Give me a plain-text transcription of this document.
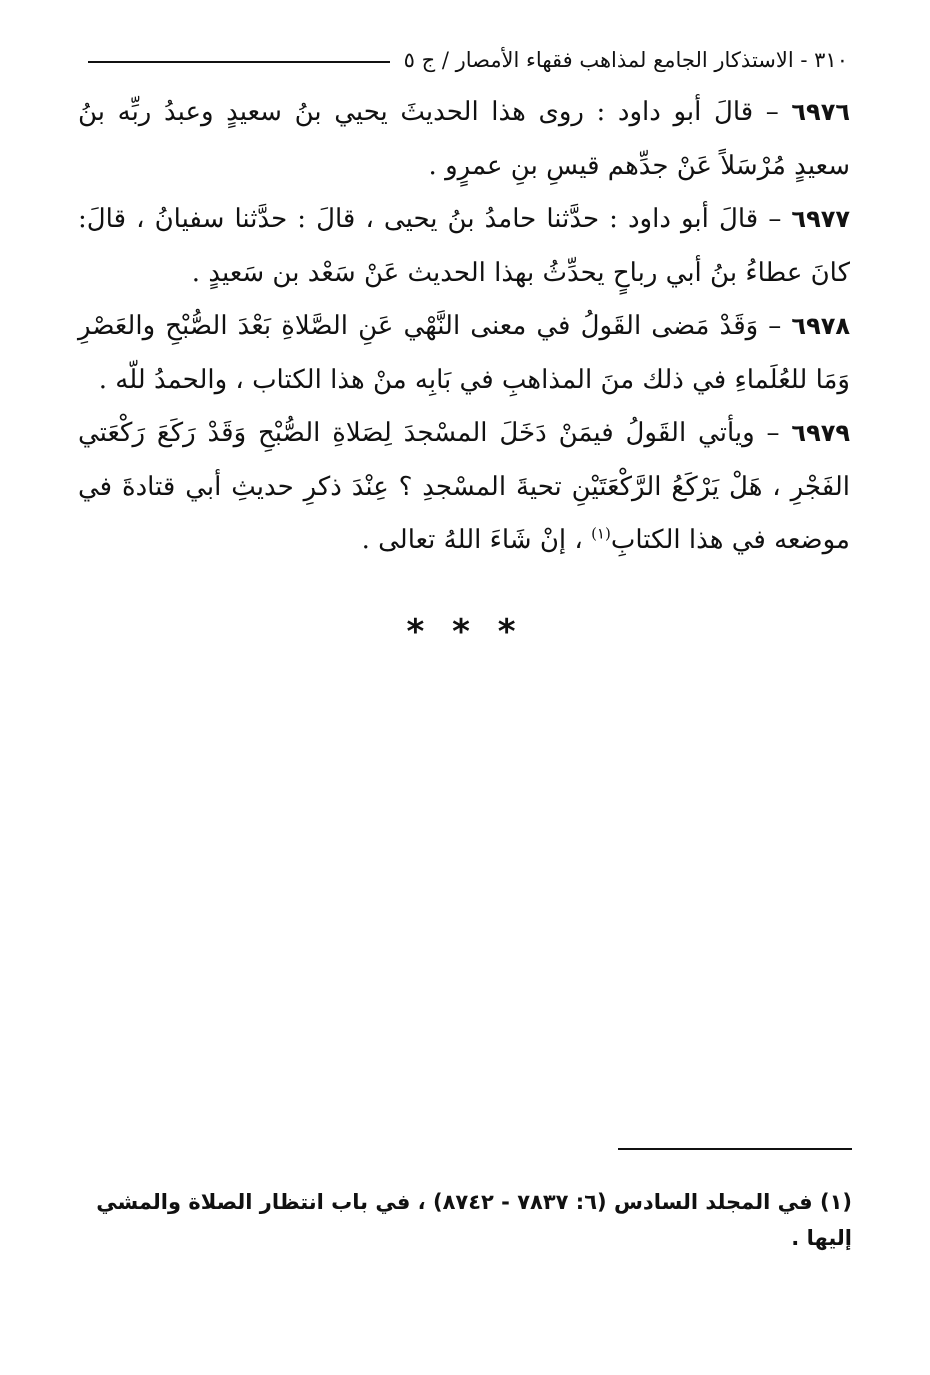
٣١٠ - الاستذكار الجامع لمذاهب فقهاء الأمصار / ج ٥

٦٩٧٦ – قالَ أبو داود : روى هذا الحديثَ يحيي بنُ سعيدٍ وعبدُ ربِّه بنُ سعيدٍ مُرْسَلاً عَنْ جدِّهم قيسِ بنِ عمرٍو .

٦٩٧٧ – قالَ أبو داود : حدَّثنا حامدُ بنُ يحيى ، قالَ : حدَّثنا سفيانُ ، قالَ: كانَ عطاءُ بنُ أبي رباحٍ يحدِّثُ بهذا الحديث عَنْ سَعْد بن سَعيدٍ .

٦٩٧٨ – وَقَدْ مَضى القَولُ في معنى النَّهْي عَنِ الصَّلاةِ بَعْدَ الصُّبْحِ والعَصْرِ وَمَا للعُلَماءِ في ذلك منَ المذاهبِ في بَابِه منْ هذا الكتاب ، والحمدُ للّه .

٦٩٧٩ – ويأتي القَولُ فيمَنْ دَخَلَ المسْجدَ لِصَلاةِ الصُّبْحِ وَقَدْ رَكَعَ رَكْعَتي الفَجْرِ ، هَلْ يَرْكَعُ الرَّكْعَتَيْنِ تحيةَ المسْجدِ ؟ عِنْدَ ذكرِ حديثِ أبي قتادةَ في موضعه في هذا الكتابِ$^{(١)}$ ، إنْ شَاءَ اللهُ تعالى .

* * *
(١) في المجلد السادس (٦: ٧٨٣٧ - ٨٧٤٢) ، في باب انتظار الصلاة والمشي إليها .
